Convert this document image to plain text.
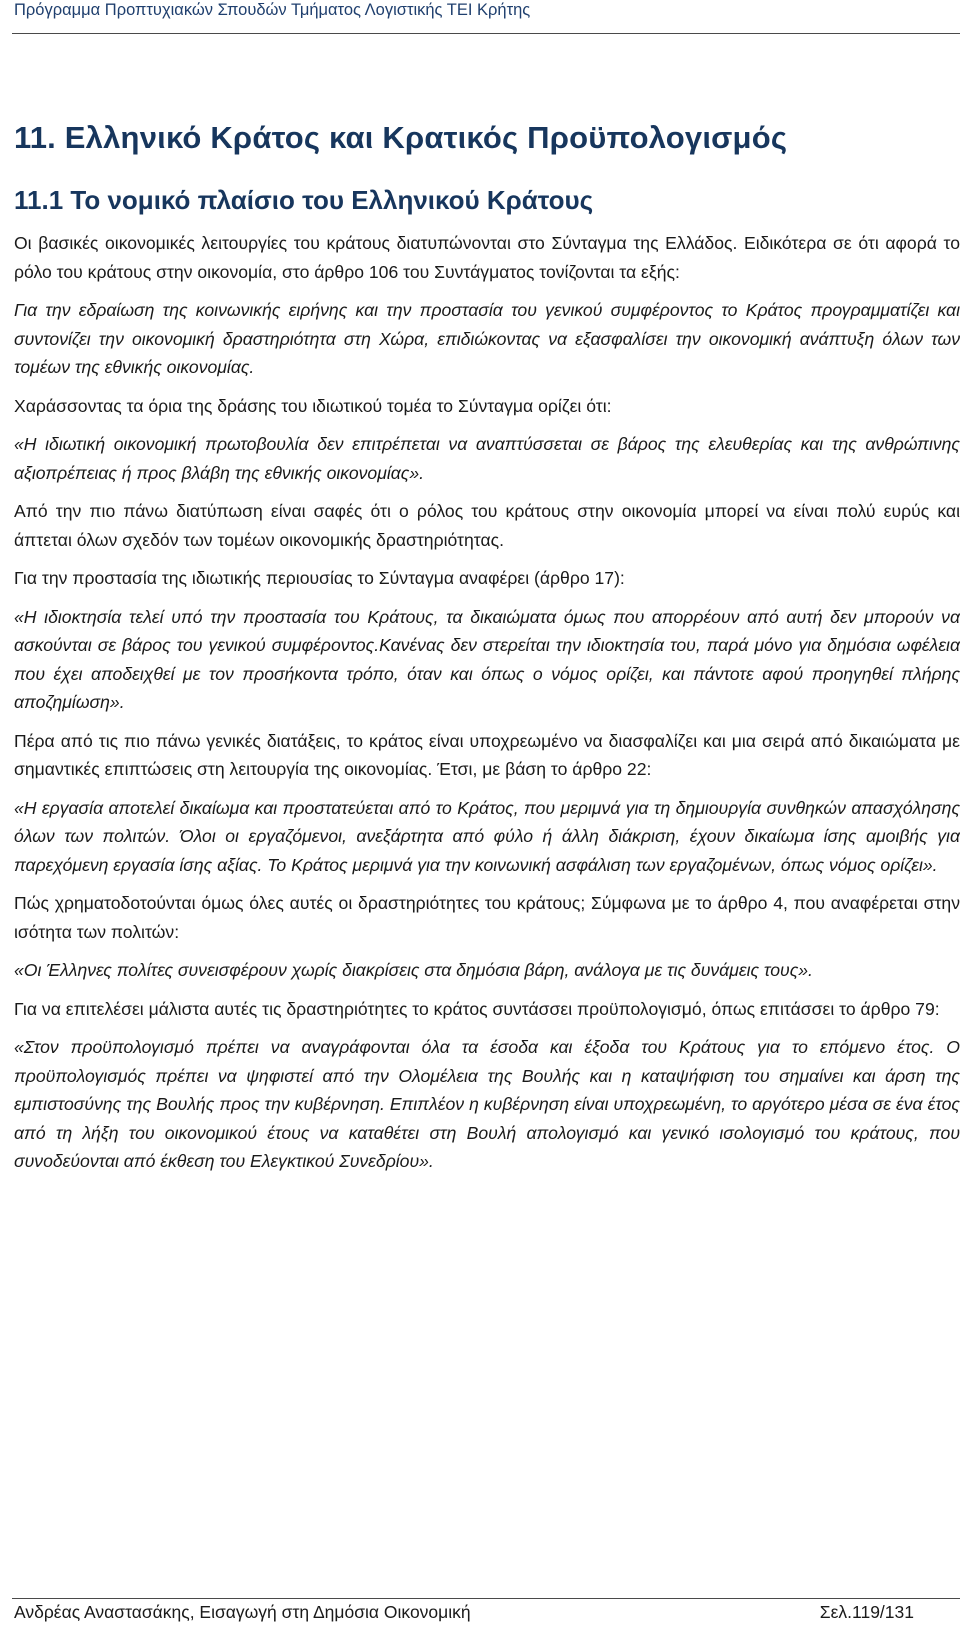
Πρόγραμμα Προπτυχιακών Σπουδών Τμήματος Λογιστικής ΤΕΙ Κρήτης
11. Ελληνικό Κράτος και Κρατικός Προϋπολογισμός
11.1 Το νομικό πλαίσιο του Ελληνικού Κράτους

Οι βασικές οικονομικές λειτουργίες του κράτους διατυπώνονται στο Σύνταγμα της Ελλάδος. Ειδικότερα σε ότι αφορά το ρόλο του κράτους στην οικονομία, στο άρθρο 106 του Συντάγματος τονίζονται τα εξής:

Για την εδραίωση της κοινωνικής ειρήνης και την προστασία του γενικού συμφέροντος το Κράτος προγραμματίζει και συντονίζει την οικονομική δραστηριότητα στη Χώρα, επιδιώκοντας να εξασφαλίσει την οικονομική ανάπτυξη όλων των τομέων της εθνικής οικονομίας.

Χαράσσοντας τα όρια της δράσης του ιδιωτικού τομέα το Σύνταγμα ορίζει ότι:

«Η ιδιωτική οικονομική πρωτοβουλία δεν επιτρέπεται να αναπτύσσεται σε βάρος της ελευθερίας και της ανθρώπινης αξιοπρέπειας ή προς βλάβη της εθνικής οικονομίας».

Από την πιο πάνω διατύπωση είναι σαφές ότι ο ρόλος του κράτους στην οικονομία μπορεί να είναι πολύ ευρύς και άπτεται όλων σχεδόν των τομέων οικονομικής δραστηριότητας.

Για την προστασία της ιδιωτικής περιουσίας το Σύνταγμα αναφέρει (άρθρο 17):

«Η ιδιοκτησία τελεί υπό την προστασία του Κράτους, τα δικαιώματα όμως που απορρέουν από αυτή δεν μπορούν να ασκούνται σε βάρος του γενικού συμφέροντος.Κανένας δεν στερείται την ιδιοκτησία του, παρά μόνο για δημόσια ωφέλεια που έχει αποδειχθεί με τον προσήκοντα τρόπο, όταν και όπως ο νόμος ορίζει, και πάντοτε αφού προηγηθεί πλήρης αποζημίωση».

Πέρα από τις πιο πάνω γενικές διατάξεις, το κράτος είναι υποχρεωμένο να διασφαλίζει και μια σειρά από δικαιώματα με σημαντικές επιπτώσεις στη λειτουργία της οικονομίας. Έτσι, με βάση το άρθρο 22:

«Η εργασία αποτελεί δικαίωμα και προστατεύεται από το Κράτος, που μεριμνά για τη δημιουργία συνθηκών απασχόλησης όλων των πολιτών. Όλοι οι εργαζόμενοι, ανεξάρτητα από φύλο ή άλλη διάκριση, έχουν δικαίωμα ίσης αμοιβής για παρεχόμενη εργασία ίσης αξίας. Το Κράτος μεριμνά για την κοινωνική ασφάλιση των εργαζομένων, όπως νόμος ορίζει».

Πώς χρηματοδοτούνται όμως όλες αυτές οι δραστηριότητες του κράτους; Σύμφωνα με το άρθρο 4, που αναφέρεται στην ισότητα των πολιτών:

«Οι Έλληνες πολίτες συνεισφέρουν χωρίς διακρίσεις στα δημόσια βάρη, ανάλογα με τις δυνάμεις τους».

Για να επιτελέσει μάλιστα αυτές τις δραστηριότητες το κράτος συντάσσει προϋπολογισμό, όπως επιτάσσει το άρθρο 79:

«Στον προϋπολογισμό πρέπει να αναγράφονται όλα τα έσοδα και έξοδα του Κράτους για το επόμενο έτος. Ο προϋπολογισμός πρέπει να ψηφιστεί από την Ολομέλεια της Βουλής και η καταψήφιση του σημαίνει και άρση της εμπιστοσύνης της Βουλής προς την κυβέρνηση. Επιπλέον η κυβέρνηση είναι υποχρεωμένη, το αργότερο μέσα σε ένα έτος από τη λήξη του οικονομικού έτους να καταθέτει στη Βουλή απολογισμό και γενικό ισολογισμό του κράτους, που συνοδεύονται από έκθεση του Ελεγκτικού Συνεδρίου».

Ανδρέας Αναστασάκης, Εισαγωγή στη Δημόσια Οικονομική	Σελ.119/131
